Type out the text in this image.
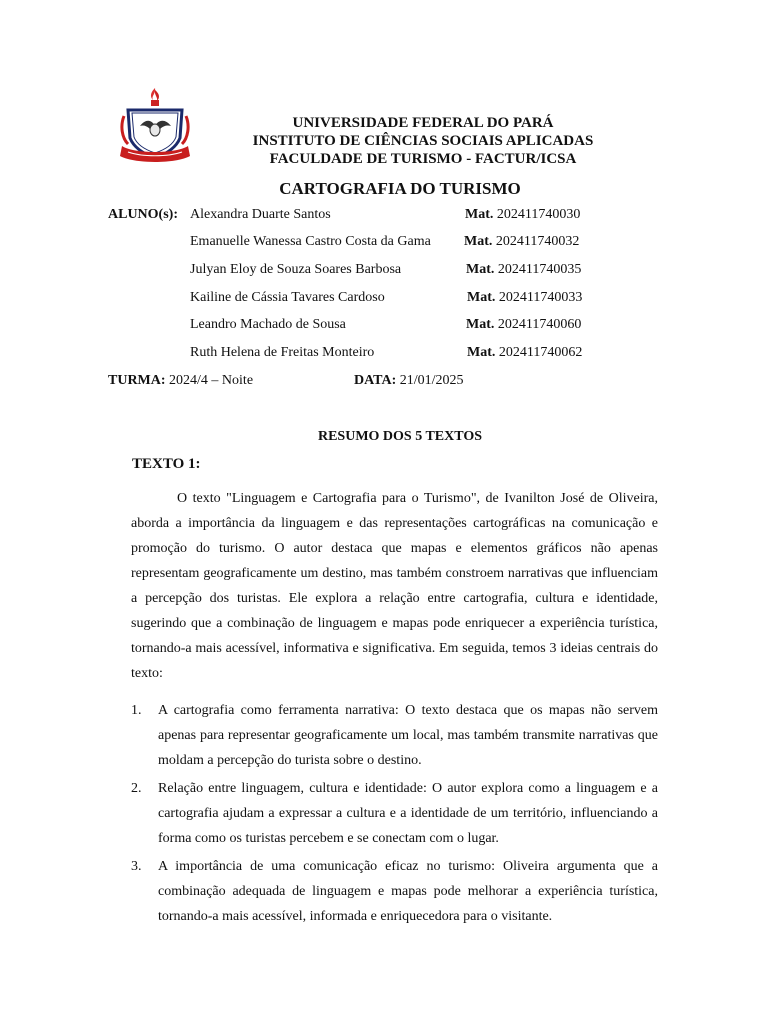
UNIVERSIDADE FEDERAL DO PARÁ
INSTITUTO DE CIÊNCIAS SOCIAIS APLICADAS
FACULDADE DE TURISMO - FACTUR/ICSA
CARTOGRAFIA DO TURISMO
ALUNO(s): Alexandra Duarte Santos	Mat. 202411740030
Emanuelle Wanessa Castro Costa da Gama Mat. 202411740032
Julyan Eloy de Souza Soares Barbosa	Mat. 202411740035
Kailine de Cássia Tavares Cardoso	Mat. 202411740033
Leandro Machado de Sousa	Mat. 202411740060
Ruth Helena de Freitas Monteiro	Mat. 202411740062
TURMA: 2024/4 – Noite	DATA: 21/01/2025
RESUMO DOS 5 TEXTOS
TEXTO 1:

O texto "Linguagem e Cartografia para o Turismo", de Ivanilton José de Oliveira, aborda a importância da linguagem e das representações cartográficas na comunicação e promoção do turismo. O autor destaca que mapas e elementos gráficos não apenas representam geograficamente um destino, mas também constroem narrativas que influenciam a percepção dos turistas. Ele explora a relação entre cartografia, cultura e identidade, sugerindo que a combinação de linguagem e mapas pode enriquecer a experiência turística, tornando-a mais acessível, informativa e significativa. Em seguida, temos 3 ideias centrais do texto:

1. A cartografia como ferramenta narrativa: O texto destaca que os mapas não servem apenas para representar geograficamente um local, mas também transmite narrativas que moldam a percepção do turista sobre o destino.
2. Relação entre linguagem, cultura e identidade: O autor explora como a linguagem e a cartografia ajudam a expressar a cultura e a identidade de um território, influenciando a forma como os turistas percebem e se conectam com o lugar.
3. A importância de uma comunicação eficaz no turismo: Oliveira argumenta que a combinação adequada de linguagem e mapas pode melhorar a experiência turística, tornando-a mais acessível, informada e enriquecedora para o visitante.
